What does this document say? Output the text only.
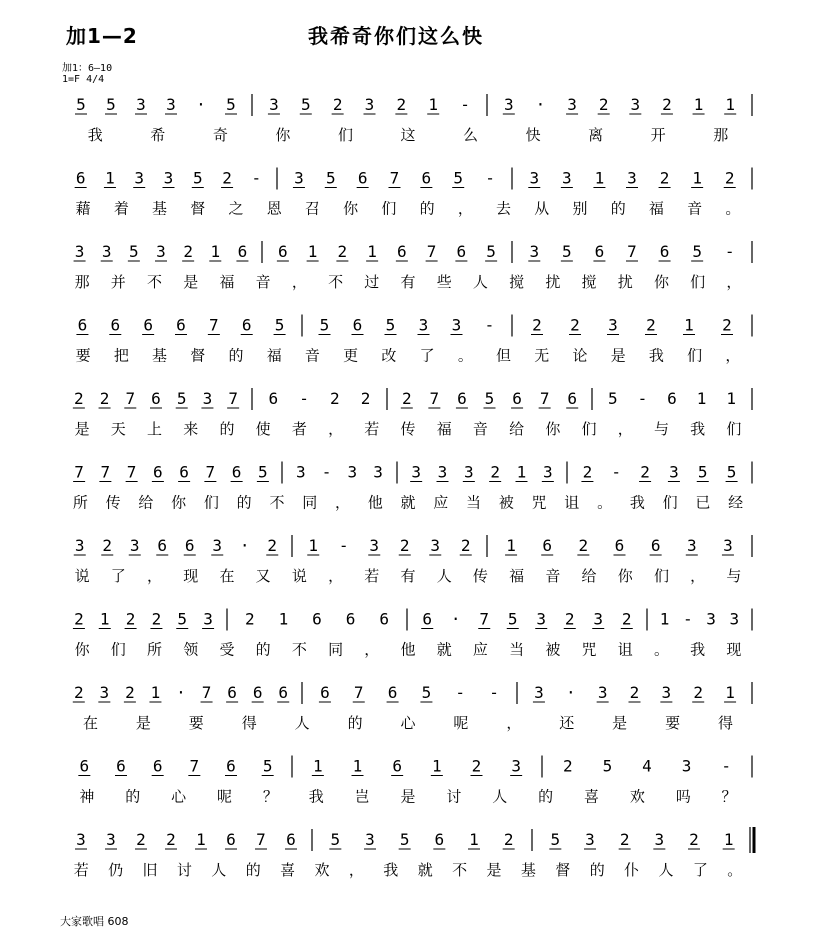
加1—2	我希奇你们这么快
加1：6—10
1=F 4/4
5 5 3 3 · 5 3 5 2 3 2 1 - 3 · 3 2 3 2 1 1
我	希	奇	你	们	这	么	快	离	开	那
6 1 3 3 5 2 - 3 5 6 7 6 5 - 3 3 1 3 2 1 2
藉 着 基 督 之 恩 召 你 们 的 ， 去 从 别 的 福 音 。
3 3 5 3 2 1 6 6 1 2 1 6 7 6 5 3 5 6 7 6 5 -
那 并 不 是 福 音 ， 不 过 有 些 人 搅 扰 搅 扰 你 们 ，
6 6 6 6 7 6 5 5 6 5 3 3 - 2 2 3 2 1 2
要 把 基 督 的 福 音 更 改 了 。 但 无 论 是 我 们 ，
2 2 7 6 5 3 7 6 - 2 2 2 7 6 5 6 7 6 5 - 6 1 1
是 天 上 来 的 使 者 ， 若 传 福 音 给 你 们 ， 与 我 们
7 7 7 6 6 7 6 5 3 - 3 3 3 3 3 2 1 3 2 - 2 3 5 5
所 传 给 你 们 的 不 同 ， 他 就 应 当 被 咒 诅 。 我 们 已 经
3 2 3 6 6 3 · 2 1 - 3 2 3 2 1 6 2 6 6 3 3
说 了 ， 现 在 又 说 ， 若 有 人 传 福 音 给 你 们 ， 与
2 1 2 2 5 3 2 1 6 6 6 6 · 7 5 3 2 3 2 1 - 3 3
你 们 所 领 受 的 不 同 ， 他 就 应 当 被 咒 诅 。 我 现
2 3 2 1 · 7 6 6 6 6 7 6 5 - - 3 · 3 2 3 2 1
在	是	要	得	人	的	心	呢	，	还	是	要	得
6 6 6 7 6 5	1 1 6 1 2 3	2 5 4 3 -
神 的 心 呢 ？ 我 岂 是 讨 人 的 喜 欢 吗 ？
3 3 2 2 1 6 7 6 5 3 5 6 1 2 5 3 2 3 2 1
若 仍 旧 讨 人 的 喜 欢 ， 我 就 不 是 基 督 的 仆 人 了 。
大家歌唱 608
